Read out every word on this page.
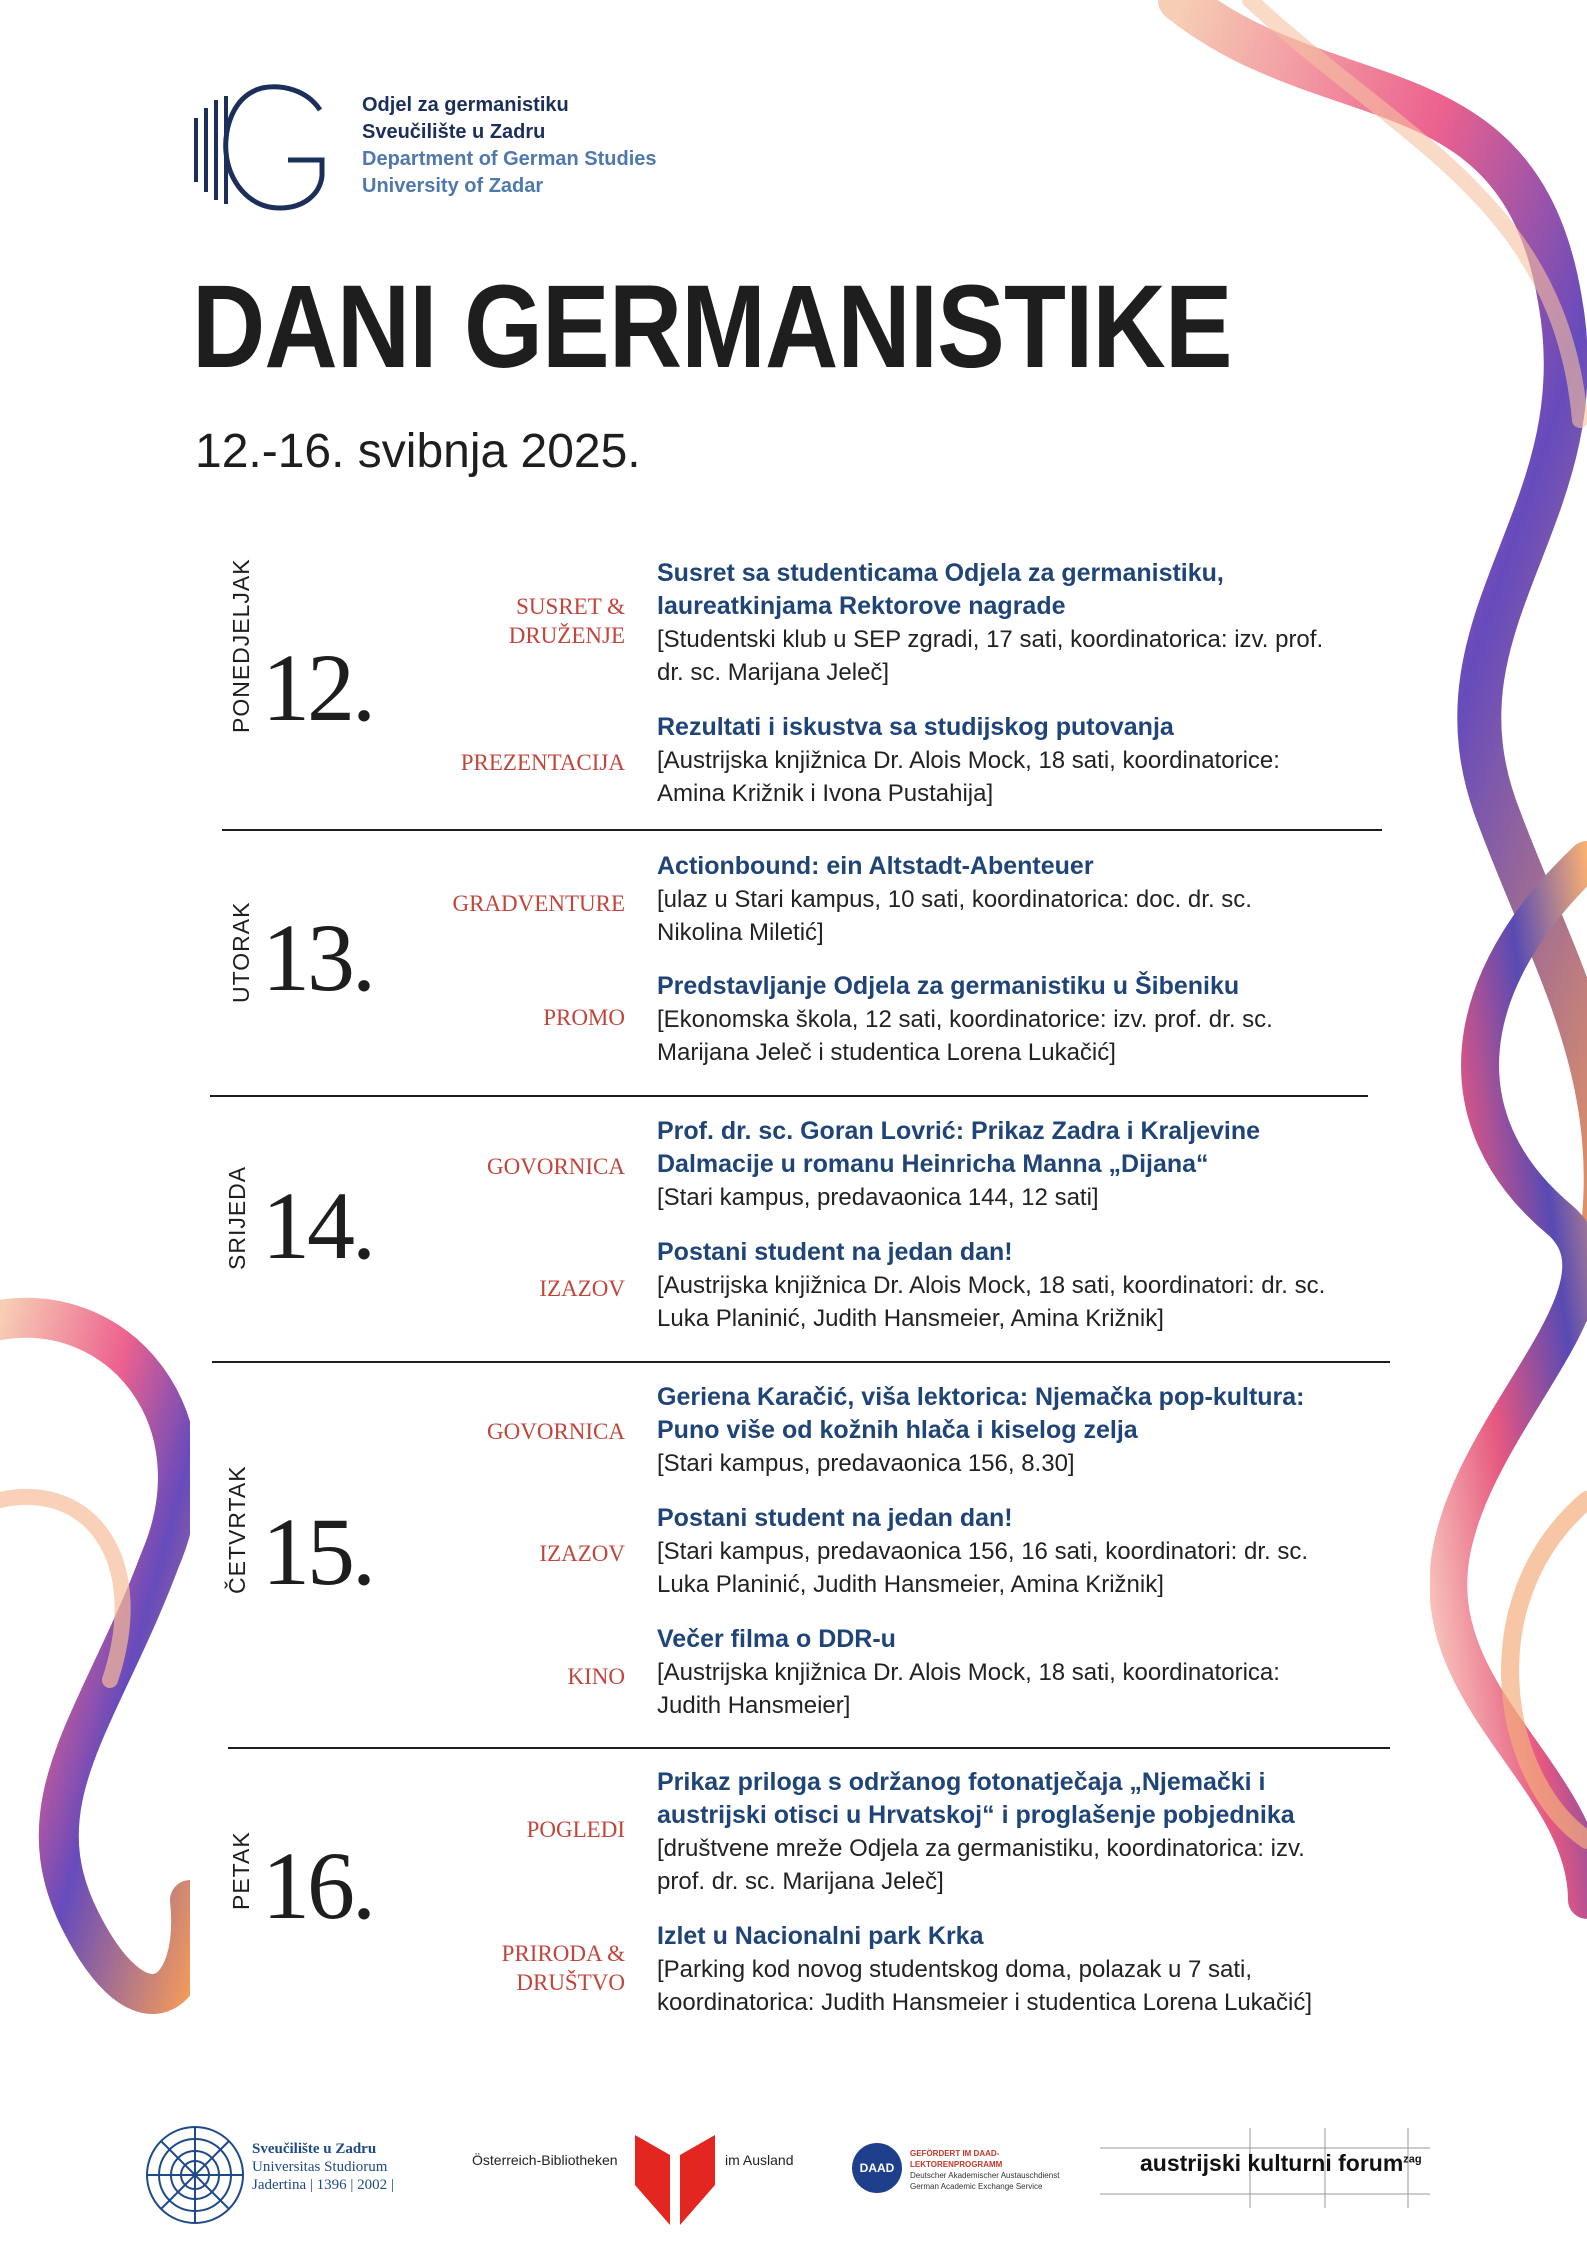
Odjel za germanistiku
Sveučilište u Zadru
Department of German Studies
University of Zadar
DANI GERMANISTIKE
12.-16. svibnja 2025.
PONEDJELJAK 12.
SUSRET &
DRUŽENJE
Susret sa studenticama Odjela za germanistiku,
laureatkinjama Rektorove nagrade
[Studentski klub u SEP zgradi, 17 sati, koordinatorica: izv. prof.
dr. sc. Marijana Jeleč]
PREZENTACIJA
Rezultati i iskustva sa studijskog putovanja
[Austrijska knjižnica Dr. Alois Mock, 18 sati, koordinatorice:
Amina Križnik i Ivona Pustahija]
UTORAK 13.
GRADVENTURE
Actionbound: ein Altstadt-Abenteuer
[ulaz u Stari kampus, 10 sati, koordinatorica: doc. dr. sc.
Nikolina Miletić]
PROMO
Predstavljanje Odjela za germanistiku u Šibeniku
[Ekonomska škola, 12 sati, koordinatorice: izv. prof. dr. sc.
Marijana Jeleč i studentica Lorena Lukačić]
SRIJEDA 14.
GOVORNICA
Prof. dr. sc. Goran Lovrić: Prikaz Zadra i Kraljevine
Dalmacije u romanu Heinricha Manna „Dijana“
[Stari kampus, predavaonica 144, 12 sati]
IZAZOV
Postani student na jedan dan!
[Austrijska knjižnica Dr. Alois Mock, 18 sati, koordinatori: dr. sc.
Luka Planinić, Judith Hansmeier, Amina Križnik]
ČETVRTAK 15.
GOVORNICA
Geriena Karačić, viša lektorica: Njemačka pop-kultura:
Puno više od kožnih hlača i kiselog zelja
[Stari kampus, predavaonica 156, 8.30]
IZAZOV
Postani student na jedan dan!
[Stari kampus, predavaonica 156, 16 sati, koordinatori: dr. sc.
Luka Planinić, Judith Hansmeier, Amina Križnik]
KINO
Večer filma o DDR-u
[Austrijska knjižnica Dr. Alois Mock, 18 sati, koordinatorica:
Judith Hansmeier]
PETAK 16.
POGLEDI
Prikaz priloga s održanog fotonatječaja „Njemački i
austrijski otisci u Hrvatskoj“ i proglašenje pobjednika
[društvene mreže Odjela za germanistiku, koordinatorica: izv.
prof. dr. sc. Marijana Jeleč]
PRIRODA &
DRUŠTVO
Izlet u Nacionalni park Krka
[Parking kod novog studentskog doma, polazak u 7 sati,
koordinatorica: Judith Hansmeier i studentica Lorena Lukačić]
Sveučilište u Zadru
Universitas Studiorum
Jadertina | 1396 | 2002 |
Österreich-Bibliotheken	im Ausland	DAAD
GEFÖRDERT IM DAAD-LEKTORENPROGRAMM
Deutscher Akademischer Austauschdienst
German Academic Exchange Service
austrijski kulturni forum$^{zag}$
